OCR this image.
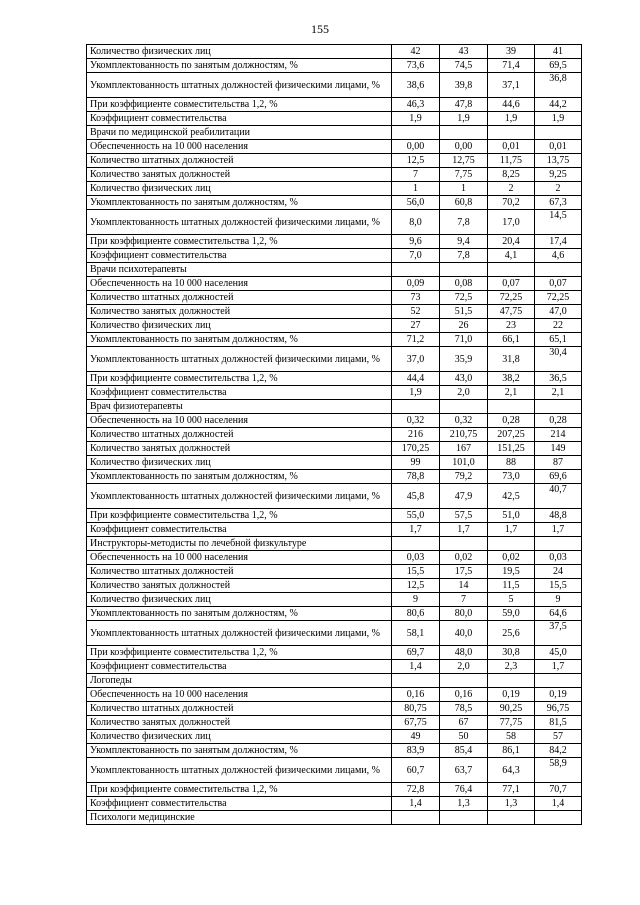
155
Количество физических лиц	42	43	39	41
Укомплектованность по занятым должностям, %	73,6	74,5	71,4	69,5
Укомплектованность штатных должностей физическими лицами, %	38,6	39,8	37,1	36,8
При коэффициенте совместительства 1,2, %	46,3	47,8	44,6	44,2
Коэффициент совместительства	1,9	1,9	1,9	1,9
Врачи по медицинской реабилитации				
Обеспеченность на 10 000 населения	0,00	0,00	0,01	0,01
Количество штатных должностей	12,5	12,75	11,75	13,75
Количество занятых должностей	7	7,75	8,25	9,25
Количество физических лиц	1	1	2	2
Укомплектованность по занятым должностям, %	56,0	60,8	70,2	67,3
Укомплектованность штатных должностей физическими лицами, %	8,0	7,8	17,0	14,5
При коэффициенте совместительства 1,2, %	9,6	9,4	20,4	17,4
Коэффициент совместительства	7,0	7,8	4,1	4,6
Врачи психотерапевты				
Обеспеченность на 10 000 населения	0,09	0,08	0,07	0,07
Количество штатных должностей	73	72,5	72,25	72,25
Количество занятых должностей	52	51,5	47,75	47,0
Количество физических лиц	27	26	23	22
Укомплектованность по занятым должностям, %	71,2	71,0	66,1	65,1
Укомплектованность штатных должностей физическими лицами, %	37,0	35,9	31,8	30,4
При коэффициенте совместительства 1,2, %	44,4	43,0	38,2	36,5
Коэффициент совместительства	1,9	2,0	2,1	2,1
Врач физиотерапевты				
Обеспеченность на 10 000 населения	0,32	0,32	0,28	0,28
Количество штатных должностей	216	210,75	207,25	214
Количество занятых должностей	170,25	167	151,25	149
Количество физических лиц	99	101,0	88	87
Укомплектованность по занятым должностям, %	78,8	79,2	73,0	69,6
Укомплектованность штатных должностей физическими лицами, %	45,8	47,9	42,5	40,7
При коэффициенте совместительства 1,2, %	55,0	57,5	51,0	48,8
Коэффициент совместительства	1,7	1,7	1,7	1,7
Инструкторы-методисты по лечебной физкультуре				
Обеспеченность на 10 000 населения	0,03	0,02	0,02	0,03
Количество штатных должностей	15,5	17,5	19,5	24
Количество занятых должностей	12,5	14	11,5	15,5
Количество физических лиц	9	7	5	9
Укомплектованность по занятым должностям, %	80,6	80,0	59,0	64,6
Укомплектованность штатных должностей физическими лицами, %	58,1	40,0	25,6	37,5
При коэффициенте совместительства 1,2, %	69,7	48,0	30,8	45,0
Коэффициент совместительства	1,4	2,0	2,3	1,7
Логопеды				
Обеспеченность на 10 000 населения	0,16	0,16	0,19	0,19
Количество штатных должностей	80,75	78,5	90,25	96,75
Количество занятых должностей	67,75	67	77,75	81,5
Количество физических лиц	49	50	58	57
Укомплектованность по занятым должностям, %	83,9	85,4	86,1	84,2
Укомплектованность штатных должностей физическими лицами, %	60,7	63,7	64,3	58,9
При коэффициенте совместительства 1,2, %	72,8	76,4	77,1	70,7
Коэффициент совместительства	1,4	1,3	1,3	1,4
Психологи медицинские				
